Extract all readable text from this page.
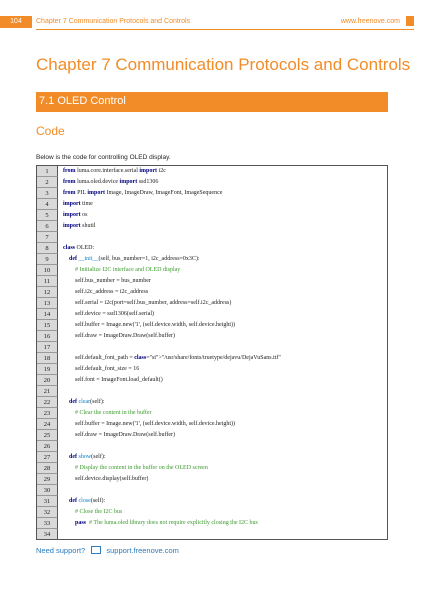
104	Chapter 7 Communication Protocols and Controls	www.freenove.com
Chapter 7 Communication Protocols and Controls
7.1 OLED Control
Code
Below is the code for controlling OLED display.
1	from luma.core.interface.serial import i2c
2	from luma.oled.device import ssd1306
3	from PIL import Image, ImageDraw, ImageFont, ImageSequence
4	import time
5	import os
6	import shutil
7
8	class OLED:
9	def __init__(self, bus_number=1, i2c_address=0x3C):
10	# Initialize I2C interface and OLED display
11	self.bus_number = bus_number
12	self.i2c_address = i2c_address
13	self.serial = i2c(port=self.bus_number, address=self.i2c_address)
14	self.device = ssd1306(self.serial)
15	self.buffer = Image.new('1', (self.device.width, self.device.height))
16	self.draw = ImageDraw.Draw(self.buffer)
17
18	self.default_font_path = class="st">"/usr/share/fonts/truetype/dejavu/DejaVuSans.ttf"
19	self.default_font_size = 16
20	self.font = ImageFont.load_default()
21
22	def clear(self):
23	# Clear the content in the buffer
24	self.buffer = Image.new('1', (self.device.width, self.device.height))
25	self.draw = ImageDraw.Draw(self.buffer)
26
27	def show(self):
28	# Display the content in the buffer on the OLED screen
29	self.device.display(self.buffer)
30
31	def close(self):
32	# Close the I2C bus
33	pass # The luma.oled library does not require explicitly closing the I2C bus
34
Need support?	support.freenove.com
